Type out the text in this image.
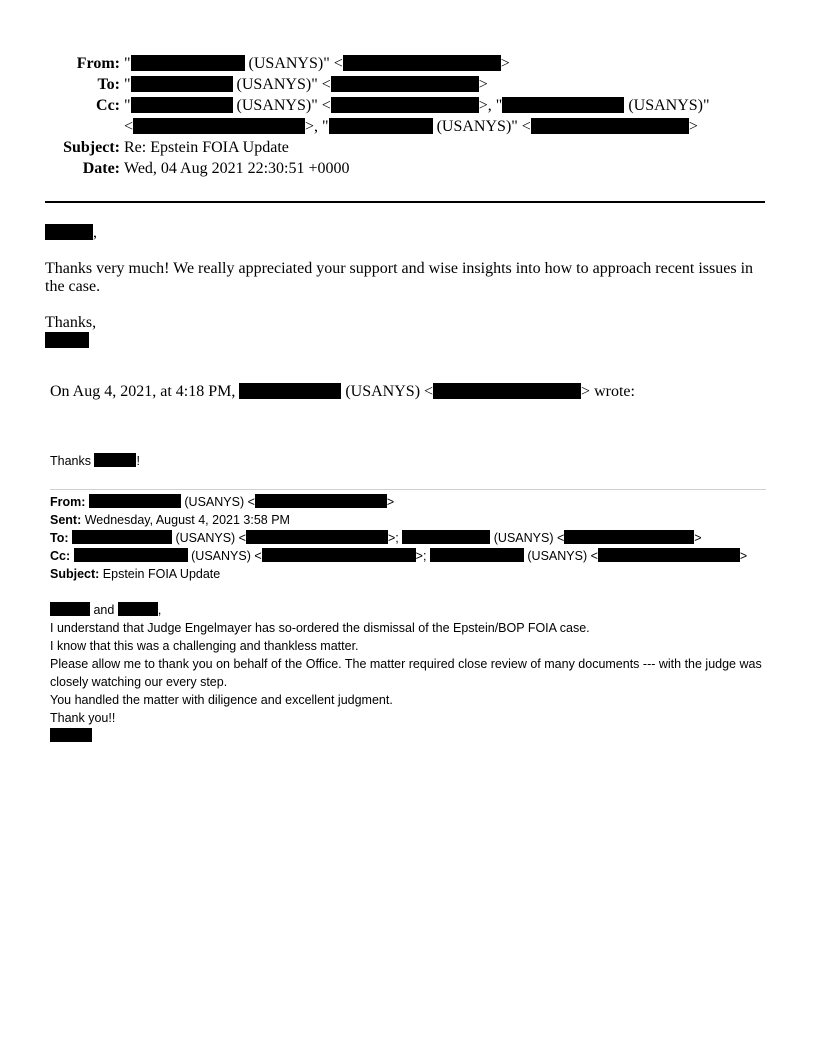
From: "	(USANYS)" <	>
To: "	(USANYS)" <	>
Cc: "	(USANYS)" <	>, "	(USANYS)"
<	>, "	(USANYS)" <	>
Subject: Re: Epstein FOIA Update
Date: Wed, 04 Aug 2021 22:30:51 +0000
,
Thanks very much! We really appreciated your support and wise insights into how to approach recent issues in the case.
Thanks,
On Aug 4, 2021, at 4:18 PM,	(USANYS) <	> wrote:
Thanks	!
From:	(USANYS) <	>
Sent: Wednesday, August 4, 2021 3:58 PM
To:	(USANYS) <	>;	(USANYS) <	>
Cc:	(USANYS) <	>;	(USANYS) <	>
Subject: Epstein FOIA Update
and	,
I understand that Judge Engelmayer has so-ordered the dismissal of the Epstein/BOP FOIA case.
I know that this was a challenging and thankless matter.
Please allow me to thank you on behalf of the Office. The matter required close review of many documents --- with the judge was closely watching our every step.
You handled the matter with diligence and excellent judgment.
Thank you!!
